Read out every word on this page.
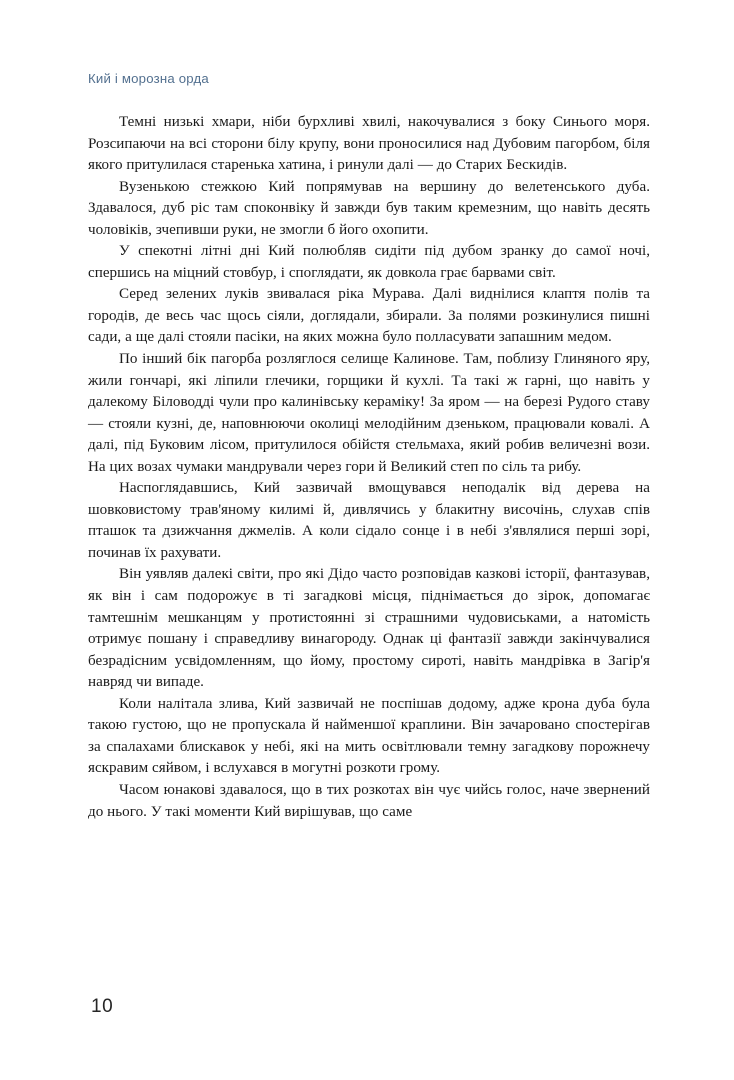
Кий і морозна орда

Темні низькі хмари, ніби бурхливі хвилі, накочувалися з боку Синього моря. Розсипаючи на всі сторони білу крупу, вони проносилися над Дубовим пагорбом, біля якого притулилася старенька хатина, і ринули далі — до Старих Бескидів.

Вузенькою стежкою Кий попрямував на вершину до велетенського дуба. Здавалося, дуб ріс там споконвіку й завжди був таким кремезним, що навіть десять чоловіків, зчепивши руки, не змогли б його охопити.

У спекотні літні дні Кий полюбляв сидіти під дубом зранку до самої ночі, спершись на міцний стовбур, і споглядати, як довкола грає барвами світ.

Серед зелених луків звивалася ріка Мурава. Далі виднілися клаптя полів та городів, де весь час щось сіяли, доглядали, збирали. За полями розкинулися пишні сади, а ще далі стояли пасіки, на яких можна було полласувати запашним медом.

По інший бік пагорба розляглося селище Калинове. Там, поблизу Глиняного яру, жили гончарі, які ліпили глечики, горщики й кухлі. Та такі ж гарні, що навіть у далекому Біловодді чули про калинівську кераміку! За яром — на березі Рудого ставу — стояли кузні, де, наповнюючи околиці мелодійним дзеньком, працювали ковалі. А далі, під Буковим лісом, притулилося обійстя стельмаха, який робив величезні вози. На цих возах чумаки мандрували через гори й Великий степ по сіль та рибу.

Наспоглядавшись, Кий зазвичай вмощувався неподалік від дерева на шовковистому трав'яному килимі й, дивлячись у блакитну височінь, слухав спів пташок та дзижчання джмелів. А коли сідало сонце і в небі з'являлися перші зорі, починав їх рахувати.

Він уявляв далекі світи, про які Дідо часто розповідав казкові історії, фантазував, як він і сам подорожує в ті загадкові місця, піднімається до зірок, допомагає тамтешнім мешканцям у протистоянні зі страшними чудовиськами, а натомість отримує пошану і справедливу винагороду. Однак ці фантазії завжди закінчувалися безрадісним усвідомленням, що йому, простому сироті, навіть мандрівка в Загір'я навряд чи випаде.

Коли налітала злива, Кий зазвичай не поспішав додому, адже крона дуба була такою густою, що не пропускала й найменшої краплини. Він зачаровано спостерігав за спалахами блискавок у небі, які на мить освітлювали темну загадкову порожнечу яскравим сяйвом, і вслухався в могутні розкоти грому.

Часом юнакові здавалося, що в тих розкотах він чує чийсь голос, наче звернений до нього. У такі моменти Кий вирішував, що саме

10
